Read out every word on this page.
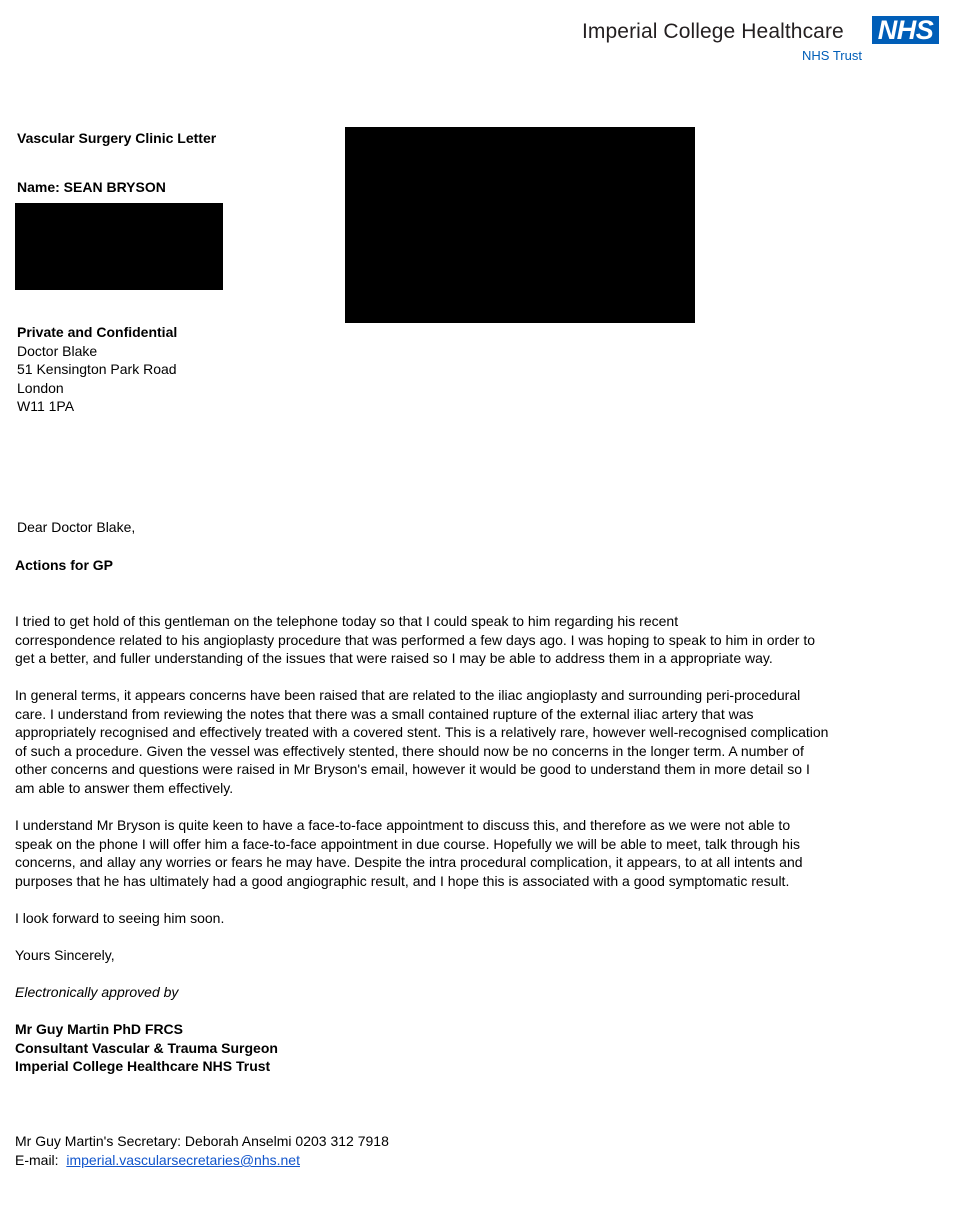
Imperial College Healthcare NHS
NHS Trust
Vascular Surgery Clinic Letter
Name: SEAN BRYSON
Private and Confidential
Doctor Blake
51 Kensington Park Road
London
W11 1PA
Dear Doctor Blake,
Actions for GP
I tried to get hold of this gentleman on the telephone today so that I could speak to him regarding his recent
correspondence related to his angioplasty procedure that was performed a few days ago. I was hoping to speak to him in order to
get a better, and fuller understanding of the issues that were raised so I may be able to address them in a appropriate way.
In general terms, it appears concerns have been raised that are related to the iliac angioplasty and surrounding peri-procedural
care. I understand from reviewing the notes that there was a small contained rupture of the external iliac artery that was
appropriately recognised and effectively treated with a covered stent. This is a relatively rare, however well-recognised complication
of such a procedure. Given the vessel was effectively stented, there should now be no concerns in the longer term. A number of
other concerns and questions were raised in Mr Bryson's email, however it would be good to understand them in more detail so I
am able to answer them effectively.
I understand Mr Bryson is quite keen to have a face-to-face appointment to discuss this, and therefore as we were not able to
speak on the phone I will offer him a face-to-face appointment in due course. Hopefully we will be able to meet, talk through his
concerns, and allay any worries or fears he may have. Despite the intra procedural complication, it appears, to at all intents and
purposes that he has ultimately had a good angiographic result, and I hope this is associated with a good symptomatic result.
I look forward to seeing him soon.
Yours Sincerely,
Electronically approved by
Mr Guy Martin PhD FRCS
Consultant Vascular & Trauma Surgeon
Imperial College Healthcare NHS Trust
Mr Guy Martin's Secretary: Deborah Anselmi 0203 312 7918
E-mail: imperial.vascularsecretaries@nhs.net
